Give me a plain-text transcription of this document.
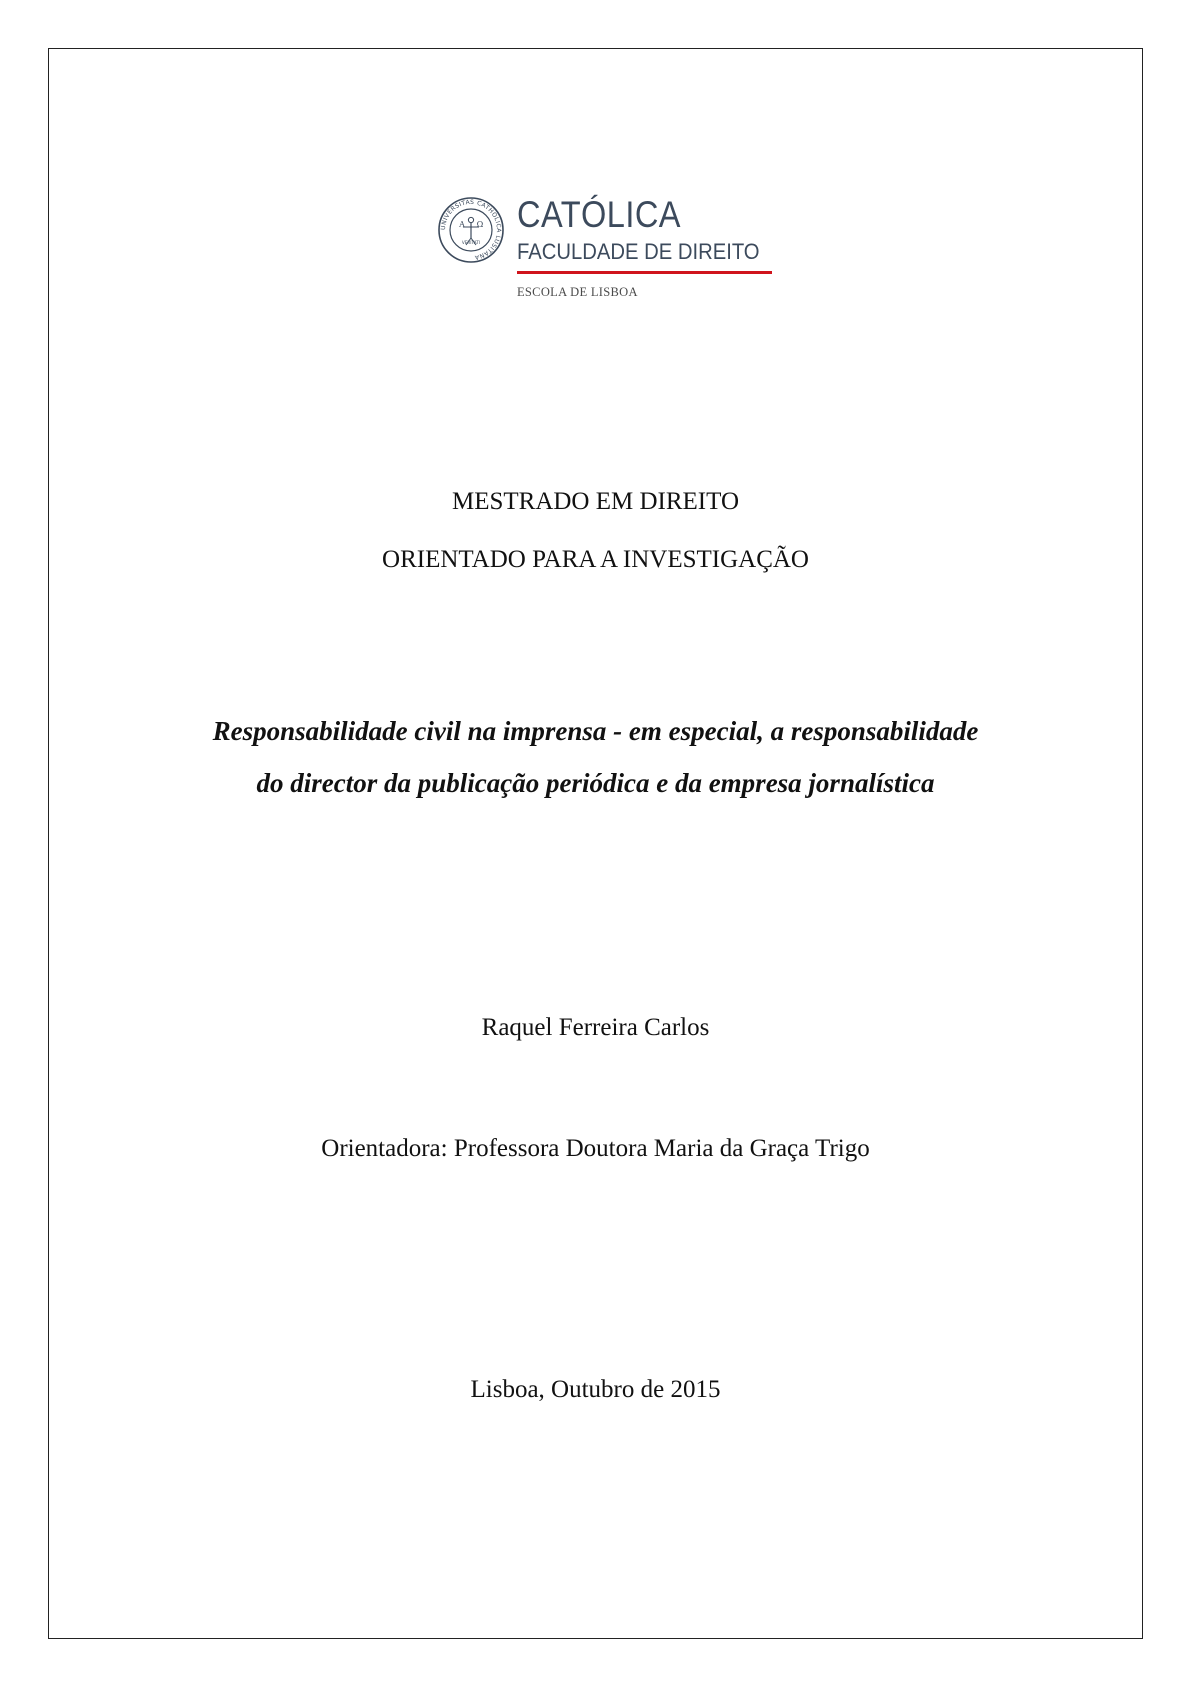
UNIVERSITAS CATHOLICA LUSITANA
Α Ω
VERITATI
CATÓLICA
FACULDADE DE DIREITO
ESCOLA DE LISBOA
MESTRADO EM DIREITO
ORIENTADO PARA A INVESTIGAÇÃO
Responsabilidade civil na imprensa - em especial, a responsabilidade
do director da publicação periódica e da empresa jornalística
Raquel Ferreira Carlos
Orientadora: Professora Doutora Maria da Graça Trigo
Lisboa, Outubro de 2015
